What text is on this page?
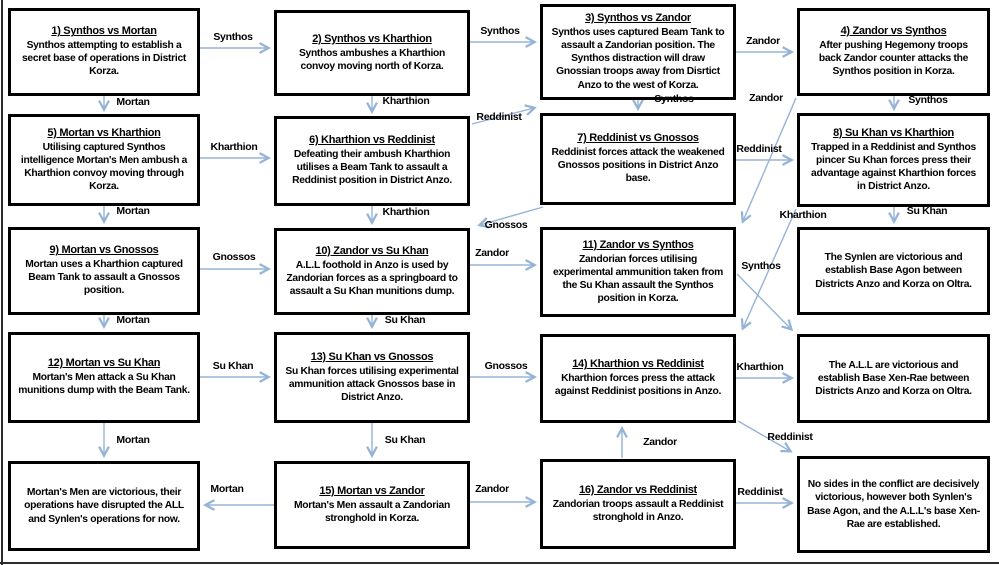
1) Synthos vs Mortan
Synthos attempting to establish a secret base of operations in District Korza.
2) Synthos vs Kharthion
Synthos ambushes a Kharthion convoy moving north of Korza.
3) Synthos vs Zandor
Synthos uses captured Beam Tank to assault a Zandorian position. The Synthos distraction will draw Gnossian troops away from Disrtict Anzo to the west of Korza.
4) Zandor vs Synthos
After pushing Hegemony troops back Zandor counter attacks the Synthos position in Korza.
5) Mortan vs Kharthion
Utilising captured Synthos intelligence Mortan's Men ambush a Kharthion convoy moving through Korza.
6) Kharthion vs Reddinist
Defeating their ambush Kharthion utilises a Beam Tank to assault a Reddinist position in District Anzo.
7) Reddinist vs Gnossos
Reddinist forces attack the weakened Gnossos positions in District Anzo base.
8) Su Khan vs Kharthion
Trapped in a Reddinist and Synthos pincer Su Khan forces press their advantage against Kharthion forces in District Anzo.
9) Mortan vs Gnossos
Mortan uses a Kharthion captured Beam Tank to assault a Gnossos position.
10) Zandor vs Su Khan
A.L.L foothold in Anzo is used by Zandorian forces as a springboard to assault a Su Khan munitions dump.
11) Zandor vs Synthos
Zandorian forces utilising experimental ammunition taken from the Su Khan assault the Synthos position in Korza.
The Synlen are victorious and establish Base Agon between Districts Anzo and Korza on Oltra.
12) Mortan vs Su Khan
Mortan's Men attack a Su Khan munitions dump with the Beam Tank.
13) Su Khan vs Gnossos
Su Khan forces utilising experimental ammunition attack Gnossos base in District Anzo.
14) Kharthion vs Reddinist
Kharthion forces press the attack against Reddinist positions in Anzo.
The A.L.L are victorious and establish Base Xen-Rae between Districts Anzo and Korza on Oltra.
Mortan's Men are victorious, their operations have disrupted the ALL and Synlen's operations for now.
15) Mortan vs Zandor
Mortan's Men assault a Zandorian stronghold in Korza.
16) Zandor vs Reddinist
Zandorian troops assault a Reddinist stronghold in Anzo.
No sides in the conflict are decisively victorious, however both Synlen's Base Agon, and the A.L.L's base Xen-Rae are established.
Synthos	Synthos
Zandor
Mortan
Kharthion
Kharthion
Reddinist
Synthos	Zandor	Synthos
Reddinist
Mortan	Kharthion
Gnossos
Kharthion	Su Khan
Gnossos	Zandor
Synthos
Mortan	Su Khan
Su Khan	Gnossos	Kharthion
Mortan	Su Khan	Reddinist
Mortan	Zandor
Zandor
Reddinist
